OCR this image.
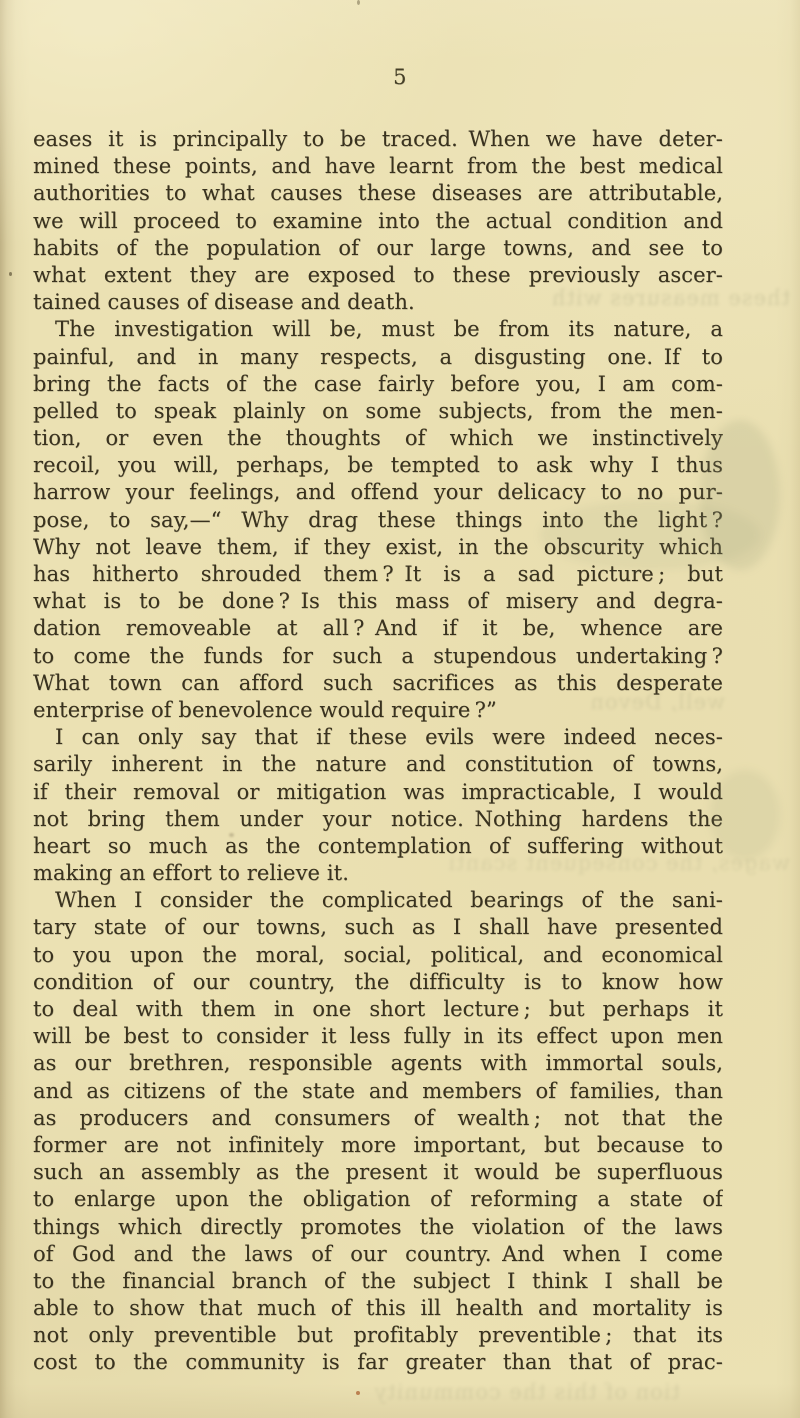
5
eases it is principally to be traced. When we have deter-
mined these points, and have learnt from the best medical
authorities to what causes these diseases are attributable,
we will proceed to examine into the actual condition and
habits of the population of our large towns, and see to
what extent they are exposed to these previously ascer-
tained causes of disease and death.
The investigation will be, must be from its nature, a
painful, and in many respects, a disgusting one. If to
bring the facts of the case fairly before you, I am com-
pelled to speak plainly on some subjects, from the men-
tion, or even the thoughts of which we instinctively
recoil, you will, perhaps, be tempted to ask why I thus
harrow your feelings, and offend your delicacy to no pur-
pose, to say,—“ Why drag these things into the light ?
Why not leave them, if they exist, in the obscurity which
has hitherto shrouded them ? It is a sad picture ; but
what is to be done ? Is this mass of misery and degra-
dation removeable at all ? And if it be, whence are
to come the funds for such a stupendous undertaking ?
What town can afford such sacrifices as this desperate
enterprise of benevolence would require ?”
I can only say that if these evils were indeed neces-
sarily inherent in the nature and constitution of towns,
if their removal or mitigation was impracticable, I would
not bring them under your notice. Nothing hardens the
heart so much as the contemplation of suffering without
making an effort to relieve it.
When I consider the complicated bearings of the sani-
tary state of our towns, such as I shall have presented
to you upon the moral, social, political, and economical
condition of our country, the difficulty is to know how
to deal with them in one short lecture ; but perhaps it
will be best to consider it less fully in its effect upon men
as our brethren, responsible agents with immortal souls,
and as citizens of the state and members of families, than
as producers and consumers of wealth ; not that the
former are not infinitely more important, but because to
such an assembly as the present it would be superfluous
to enlarge upon the obligation of reforming a state of
things which directly promotes the violation of the laws
of God and the laws of our country. And when I come
to the financial branch of the subject I think I shall be
able to show that much of this ill health and mortality is
not only preventible but profitably preventible ; that its
cost to the community is far greater than that of prac-
these measures with
well, Devon
wages, the consequent scanti
tion of this the community
